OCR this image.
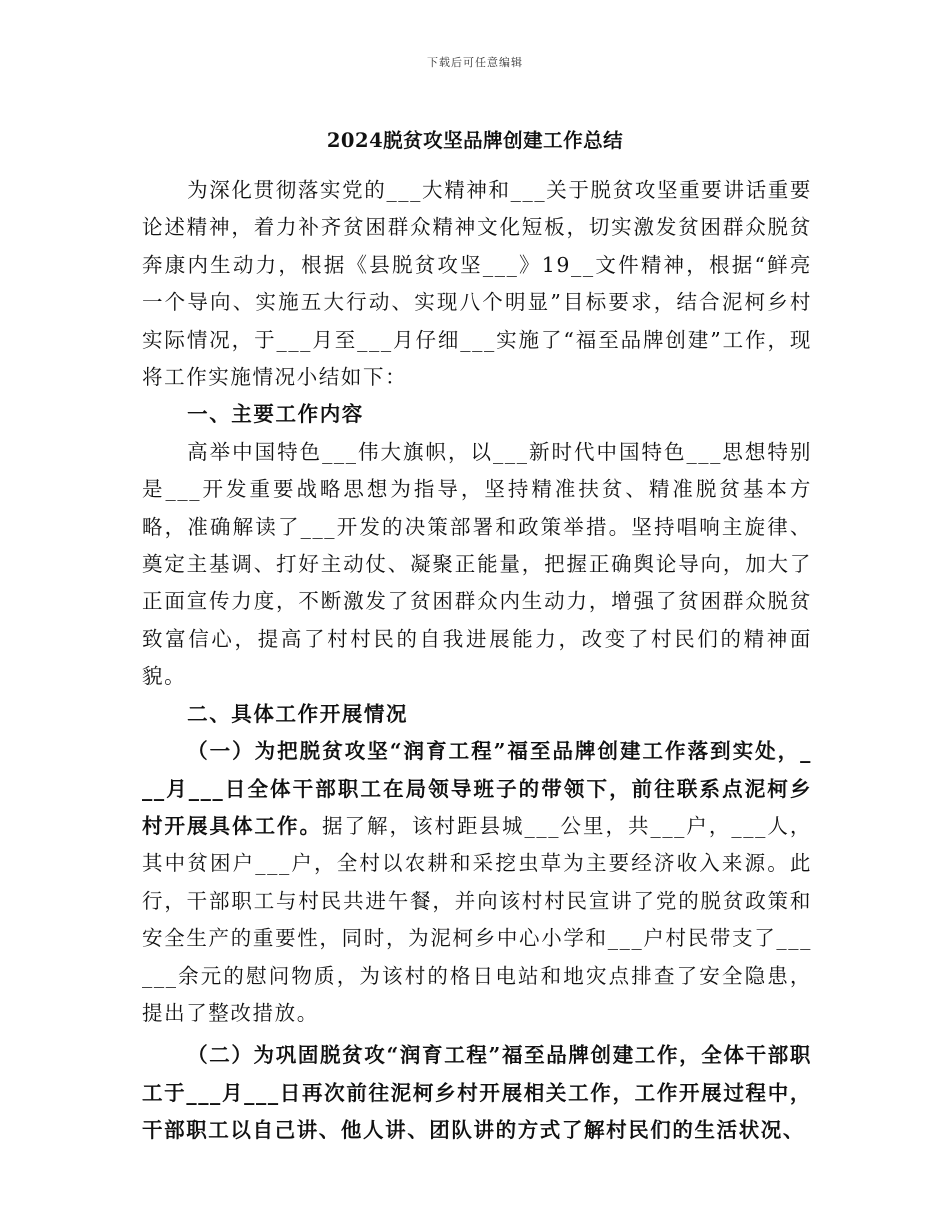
下载后可任意编辑
2024脱贫攻坚品牌创建工作总结

为深化贯彻落实党的___大精神和___关于脱贫攻坚重要讲话重要论述精神，着力补齐贫困群众精神文化短板，切实激发贫困群众脱贫奔康内生动力，根据《县脱贫攻坚___》19__文件精神，根据“鲜亮一个导向、实施五大行动、实现八个明显”目标要求，结合泥柯乡村实际情况，于___月至___月仔细___实施了“福至品牌创建”工作，现将工作实施情况小结如下：

一、主要工作内容

高举中国特色___伟大旗帜，以___新时代中国特色___思想特别是___开发重要战略思想为指导，坚持精准扶贫、精准脱贫基本方略，准确解读了___开发的决策部署和政策举措。坚持唱响主旋律、奠定主基调、打好主动仗、凝聚正能量，把握正确舆论导向，加大了正面宣传力度，不断激发了贫困群众内生动力，增强了贫困群众脱贫致富信心，提高了村村民的自我进展能力，改变了村民们的精神面貌。

二、具体工作开展情况

（一）为把脱贫攻坚“润育工程”福至品牌创建工作落到实处，___月___日全体干部职工在局领导班子的带领下，前往联系点泥柯乡村开展具体工作。据了解，该村距县城___公里，共___户，___人，其中贫困户___户，全村以农耕和采挖虫草为主要经济收入来源。此行，干部职工与村民共进午餐，并向该村村民宣讲了党的脱贫政策和安全生产的重要性，同时，为泥柯乡中心小学和___户村民带支了______余元的慰问物质，为该村的格日电站和地灾点排查了安全隐患，提出了整改措放。

（二）为巩固脱贫攻“润育工程”福至品牌创建工作，全体干部职工于___月___日再次前往泥柯乡村开展相关工作，工作开展过程中，干部职工以自己讲、他人讲、团队讲的方式了解村民们的生活状况、
